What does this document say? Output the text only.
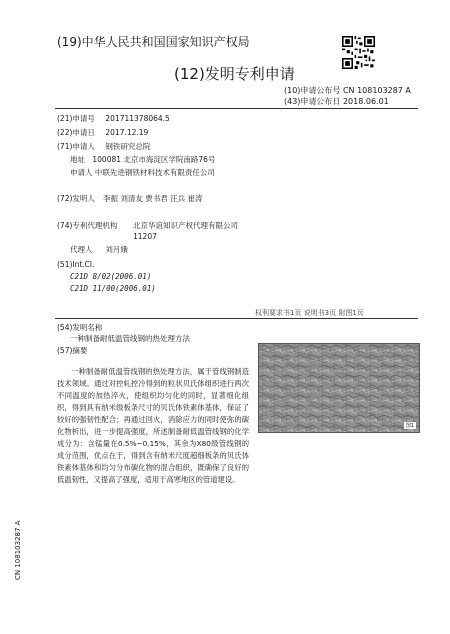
(19)中华人民共和国国家知识产权局
(12)发明专利申请
(10)申请公布号 CN 108103287 A
(43)申请公布日 2018.06.01
(21)申请号 201711378064.5
(22)申请日 2017.12.19
(71)申请人 钢铁研究总院
地址 100081 北京市海淀区学院南路76号
申请人 中联先进钢铁材料技术有限责任公司
(72)发明人	李振 刘清友 贾书君 汪兵 崔涛
(74)专利代理机构	北京华谊知识产权代理有限公司 11207
代理人 刘月娥
(51)Int.Cl.
C21D 8/02(2006.01)
C21D 11/00(2006.01)
权利要求书1页 说明书3页 附图1页
(54)发明名称
一种制备耐低温管线钢的热处理方法
(57)摘要
一种制备耐低温管线钢的热处理方法，属于管线钢制造技术领域。通过对控轧控冷得到的粒状贝氏体组织进行两次不同温度的加热淬火，使组织均匀化的同时，显著细化组织，得到具有纳米级板条尺寸的贝氏体铁素体基体，保证了较好的强韧性配合；再通过回火，消除应力的同时使弥的碳化物析出，进一步提高强度，所述制备耐低温管线钢的化学成分为：含锰量在0.5%~0.15%，其余为X80级管线钢的成分范围，优点在于，得到含有纳米尺度超细板条的贝氏体铁素体基体和均匀分布碳化物的混合组织，既确保了良好的低温韧性，又提高了强度，适用于高寒地区的管道建设。
图1
CN 108103287 A
